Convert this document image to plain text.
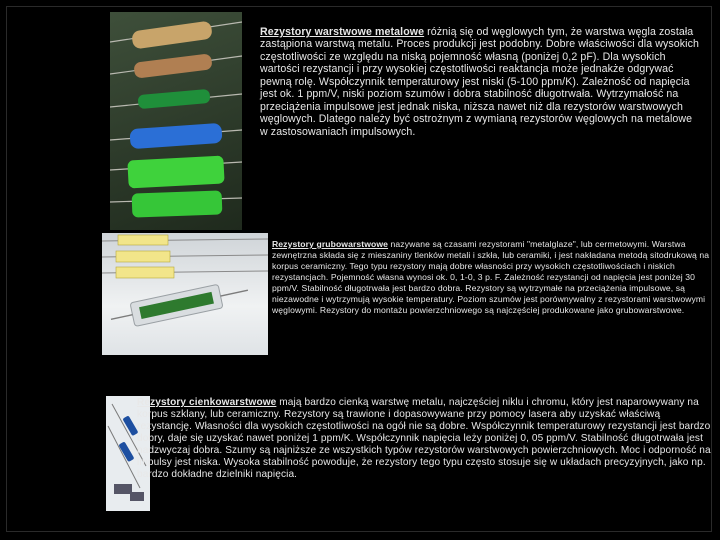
Rezystory warstwowe metalowe różnią się od węglowych tym, że warstwa węgla została zastąpiona warstwą metalu. Proces produkcji jest podobny. Dobre właściwości dla wysokich częstotliwości ze względu na niską pojemność własną (poniżej 0,2 pF). Dla wysokich wartości rezystancji i przy wysokiej częstotliwości reaktancja może jednakże odgrywać pewną rolę. Współczynnik temperaturowy jest niski (5-100 ppm/K). Zależność od napięcia jest ok. 1 ppm/V, niski poziom szumów i dobra stabilność długotrwała. Wytrzymałość na przeciążenia impulsowe jest jednak niska, niższa nawet niż dla rezystorów warstwowych węglowych. Dlatego należy być ostrożnym z wymianą rezystorów węglowych na metalowe w zastosowaniach impulsowych.
Rezystory grubowarstwowe nazywane są czasami rezystorami "metalglaze", lub cermetowymi. Warstwa zewnętrzna składa się z mieszaniny tlenków metali i szkła, lub ceramiki, i jest nakładana metodą sitodrukową na korpus ceramiczny. Tego typu rezystory mają dobre własności przy wysokich częstotliwościach i niskich rezystancjach. Pojemność własna wynosi ok. 0, 1-0, 3 p. F. Zależność rezystancji od napięcia jest poniżej 30 ppm/V. Stabilność długotrwała jest bardzo dobra. Rezystory są wytrzymałe na przeciążenia impulsowe, są niezawodne i wytrzymują wysokie temperatury. Poziom szumów jest porównywalny z rezystorami warstwowymi węglowymi. Rezystory do montażu powierzchniowego są najczęściej produkowane jako grubowarstwowe.
Rezystory cienkowarstwowe mają bardzo cienką warstwę metalu, najczęściej niklu i chromu, który jest naparowywany na korpus szklany, lub ceramiczny. Rezystory są trawione i dopasowywane przy pomocy lasera aby uzyskać właściwą rezystancję. Własności dla wysokich częstotliwości na ogół nie są dobre. Współczynnik temperaturowy rezystancji jest bardzo dobry, daje się uzyskać nawet poniżej 1 ppm/K. Współczynnik napięcia leży poniżej 0, 05 ppm/V. Stabilność długotrwała jest nadzwyczaj dobra. Szumy są najniższe ze wszystkich typów rezystorów warstwowych powierzchniowych. Moc i odporność na impulsy jest niska. Wysoka stabilność powoduje, że rezystory tego typu często stosuje się w układach precyzyjnych, jako np. bardzo dokładne dzielniki napięcia.
